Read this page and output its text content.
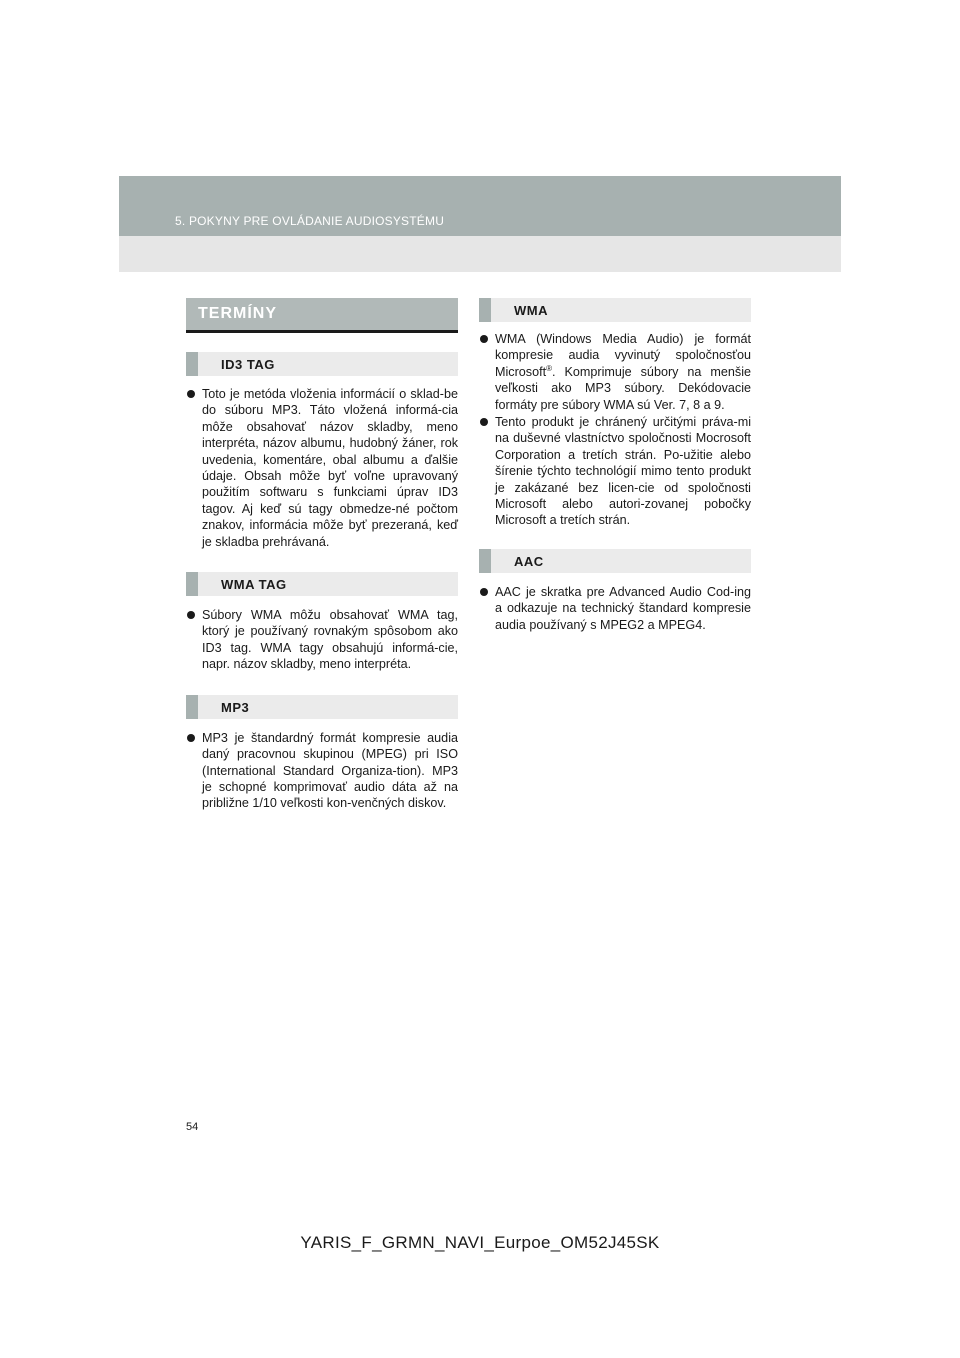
5. POKYNY PRE OVLÁDANIE AUDIOSYSTÉMU
TERMÍNY
ID3 TAG
Toto je metóda vloženia informácií o sklad-be do súboru MP3. Táto vložená informá-cia môže obsahovať názov skladby, meno interpréta, názov albumu, hudobný žáner, rok uvedenia, komentáre, obal albumu a ďalšie údaje. Obsah môže byť voľne upravovaný použitím softwaru s funkciami úprav ID3 tagov. Aj keď sú tagy obmedze-né počtom znakov, informácia môže byť prezeraná, keď je skladba prehrávaná.
WMA TAG
Súbory WMA môžu obsahovať WMA tag, ktorý je používaný rovnakým spôsobom ako ID3 tag. WMA tagy obsahujú informá-cie, napr. názov skladby, meno interpréta.
MP3
MP3 je štandardný formát kompresie audia daný pracovnou skupinou (MPEG) pri ISO (International Standard Organiza-tion). MP3 je schopné komprimovať audio dáta až na približne 1/10 veľkosti kon-venčných diskov.
WMA
WMA (Windows Media Audio) je formát kompresie audia vyvinutý spoločnosťou Microsoft®. Komprimuje súbory na menšie veľkosti ako MP3 súbory. Dekódovacie formáty pre súbory WMA sú Ver. 7, 8 a 9.
Tento produkt je chránený určitými práva-mi na duševné vlastníctvo spoločnosti Mocrosoft Corporation a tretích strán. Po-užitie alebo šírenie týchto technológií mimo tento produkt je zakázané bez licen-cie od spoločnosti Microsoft alebo autori-zovanej pobočky Microsoft a tretích strán.
AAC
AAC je skratka pre Advanced Audio Cod-ing a odkazuje na technický štandard kompresie audia používaný s MPEG2 a MPEG4.
54
YARIS_F_GRMN_NAVI_Eurpoe_OM52J45SK
